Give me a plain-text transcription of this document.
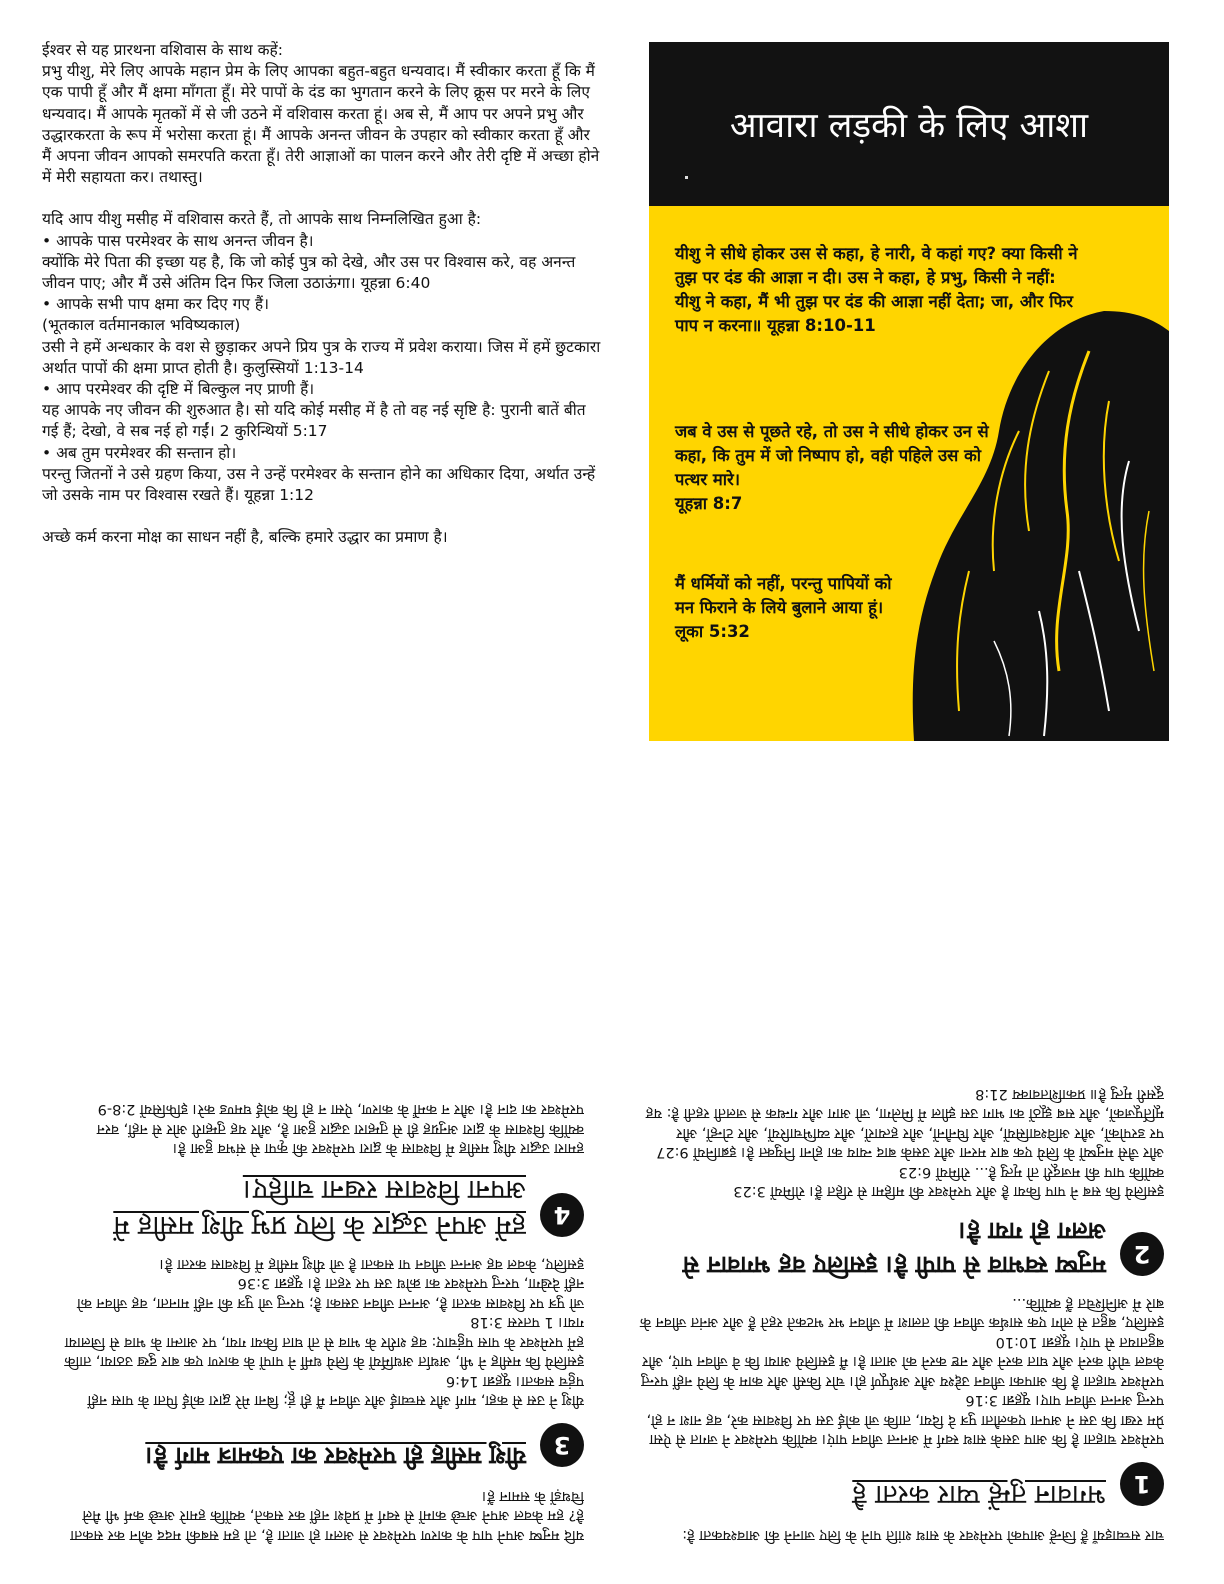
ईश्वर से यह प्रारथना वशिवास के साथ कहें:

प्रभु यीशु, मेरे लिए आपके महान प्रेम के लिए आपका बहुत-बहुत धन्यवाद। मैं स्वीकार करता हूँ कि मैं एक पापी हूँ और मैं क्षमा माँगता हूँ। मेरे पापों के दंड का भुगतान करने के लिए क्रूस पर मरने के लिए धन्यवाद। मैं आपके मृतकों में से जी उठने में वशिवास करता हूं। अब से, मैं आप पर अपने प्रभु और उद्धारकरता के रूप में भरोसा करता हूं। मैं आपके अनन्त जीवन के उपहार को स्वीकार करता हूँ और मैं अपना जीवन आपको समरपति करता हूँ। तेरी आज्ञाओं का पालन करने और तेरी दृष्टि में अच्छा होने में मेरी सहायता कर। तथास्तु।

यदि आप यीशु मसीह में वशिवास करते हैं, तो आपके साथ निम्नलिखित हुआ है:

• आपके पास परमेश्वर के साथ अनन्त जीवन है।

क्योंकि मेरे पिता की इच्छा यह है, कि जो कोई पुत्र को देखे, और उस पर विश्वास करे, वह अनन्त जीवन पाए; और मैं उसे अंतिम दिन फिर जिला उठाऊंगा। यूहन्ना 6:40

• आपके सभी पाप क्षमा कर दिए गए हैं।

(भूतकाल वर्तमानकाल भविष्यकाल)

उसी ने हमें अन्धकार के वश से छुड़ाकर अपने प्रिय पुत्र के राज्य में प्रवेश कराया। जिस में हमें छुटकारा अर्थात पापों की क्षमा प्राप्त होती है। कुलुस्सियों 1:13-14

• आप परमेश्वर की दृष्टि में बिल्कुल नए प्राणी हैं।

यह आपके नए जीवन की शुरुआत है। सो यदि कोई मसीह में है तो वह नई सृष्टि है: पुरानी बातें बीत गई हैं; देखो, वे सब नई हो गईं। 2 कुरिन्थियों 5:17

• अब तुम परमेश्वर की सन्तान हो।

परन्तु जितनों ने उसे ग्रहण किया, उस ने उन्हें परमेश्वर के सन्तान होने का अधिकार दिया, अर्थात उन्हें जो उसके नाम पर विश्वास रखते हैं। यूहन्ना 1:12

अच्छे कर्म करना मोक्ष का साधन नहीं है, बल्कि हमारे उद्धार का प्रमाण है।

आवारा लड़की के लिए आशा
यीशु ने सीधे होकर उस से कहा, हे नारी, वे कहां गए? क्या किसी ने तुझ पर दंड की आज्ञा न दी। उस ने कहा, हे प्रभु, किसी ने नहीं: यीशु ने कहा, मैं भी तुझ पर दंड की आज्ञा नहीं देता; जा, और फिर पाप न करना॥ यूहन्ना 8:10-11
जब वे उस से पूछते रहे, तो उस ने सीधे होकर उन से कहा, कि तुम में जो निष्पाप हो, वही पहिले उस को पत्थर मारे।
यूहन्ना 8:7
मैं धर्मियों को नहीं, परन्तु पापियों को मन फिराने के लिये बुलाने आया हूं।
लूका 5:32

चार सच्चाइयाँ हैं जिन्हें आपको परमेश्वर के साथ शांति पाने के लिए जानने की आवश्यकता है:

1
भगवान तुम्हें प्यार करता है

परमेश्वर चाहता है कि आप उसके साथ स्वर्ग में अनन्त जीवन पाएं। क्योंकि परमेश्वर ने जगत से ऐसा प्रेम रखा कि उस ने अपना एकलौता पुत्र दे दिया, ताकि जो कोई उस पर विश्वास करे, वह नाश न हो, परन्तु अनन्त जीवन पाए। यूहन्ना 3:16

परमेश्वर चाहता है कि आपका जीवन उद्देश्य और अर्थपूर्ण हो। चोर किसी और काम के लिये नहीं परन्तु केवल चोरी करने और घात करने और नष्ट करने को आता है। मैं इसलिये आया कि वे जीवन पाएं, और बहुतायत से पाएं। यूहन्ना 10:10

इसलिए, बहुत से लोग एक सार्थक जीवन की तलाश में जीवन भर भटकते रहते हैं और अनंत जीवन के बारे में अनिश्चित हैं क्योंकि...

2
मनुष्य स्वभाव से पापी है। इसलिए वह भगवान से अलग हो गया है।

इसलिये कि सब ने पाप किया है और परमेश्वर की महिमा से रहित हैं। रोमियों 3:23

क्योंकि पाप की मजदूरी तो मृत्यु है... रोमियों 6:23

और जैसे मनुष्यों के लिये एक बार मरना और उसके बाद न्याय का होना नियुक्त है। इब्रानियों 9:27

पर डरपोकों, और अविश्वासियों, और घिनौनों, और हत्यारों, और व्यभिचारियों, और टोन्हों, और मूर्तिपूजकों, और सब झूठों का भाग उस झील में मिलेगा, जो आग और गन्धक से जलती रहती है: यह दूसरी मृत्यु है॥ प्रकाशितवाक्य 21:8

यदि मनुष्य अपने पाप के कारण परमेश्वर से अलग हो जाता है, तो हम सबकी मदद कौन कर सकता है? हम केवल अपने अच्छे कामों से स्वर्ग में प्रवेश नहीं कर सकते, क्योंकि हमारे अच्छे कर्म भी मैले चिथड़ों के समान हैं।

3
यीशु मसीह ही परमेश्वर का एकमात्र मार्ग है।

यीशु ने उस से कहा, मार्ग और सच्चाई और जीवन मैं ही हूं; बिना मेरे द्वारा कोई पिता के पास नहीं पहुंच सकता। यूहन्ना 14:6

इसलिये कि मसीह ने भी, अर्थात अधर्मियों के लिये धर्मी ने पापों के कारण एक बार दुख उठाया, ताकि हमें परमेश्वर के पास पहुंचाए: वह शरीर के भाव से तो घात किया गया, पर आत्मा के भाव से जिलाया गया। 1 पतरस 3:18

जो पुत्र पर विश्वास करता है, अनन्त जीवन उसका है; परन्तु जो पुत्र की नहीं मानता, वह जीवन को नहीं देखेगा, परन्तु परमेश्वर का क्रोध उस पर रहता है। यूहन्ना 3:36

इसलिए, केवल वह अनन्त जीवन पा सकता है जो यीशु मसीह में विश्वास करता है।

4
हमें अपने उद्धार के लिए प्रभु यीशु मसीह में अपना विश्वास रखना चाहिए।

हमारा उद्धार यीशु मसीह में विश्वास के द्वारा परमेश्वर की कृपा से संभव हुआ है।

क्योंकि विश्वास के द्वारा अनुग्रह ही से तुम्हारा उद्धार हुआ है, और यह तुम्हारी ओर से नहीं, वरन परमेश्वर का दान है। और न कर्मों के कारण, ऐसा न हो कि कोई घमण्ड करे। इफिसियों 2:8-9
